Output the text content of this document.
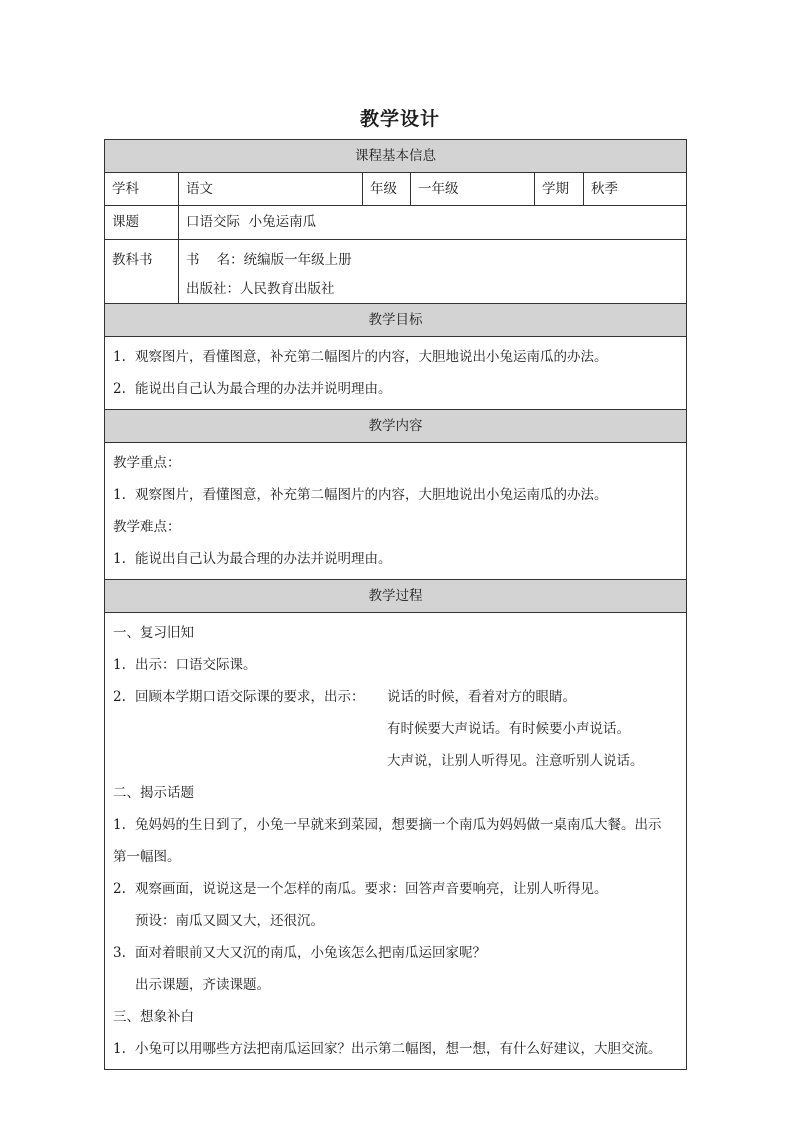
教学设计
课程基本信息
学科	语文	年级	一年级	学期	秋季
课题	口语交际  小兔运南瓜
教科书	书    名：统编版一年级上册
出版社：人民教育出版社
教学目标
1. 观察图片，看懂图意，补充第二幅图片的内容，大胆地说出小兔运南瓜的办法。
2. 能说出自己认为最合理的办法并说明理由。
教学内容
教学重点：
1. 观察图片，看懂图意，补充第二幅图片的内容，大胆地说出小兔运南瓜的办法。
教学难点：
1. 能说出自己认为最合理的办法并说明理由。
教学过程
一、复习旧知
1. 出示：口语交际课。
2. 回顾本学期口语交际课的要求，出示： 说话的时候，看着对方的眼睛。
有时候要大声说话。有时候要小声说话。
大声说，让别人听得见。注意听别人说话。
二、揭示话题
1. 兔妈妈的生日到了，小兔一早就来到菜园，想要摘一个南瓜为妈妈做一桌南瓜大餐。出示
第一幅图。
2. 观察画面，说说这是一个怎样的南瓜。要求：回答声音要响亮，让别人听得见。
预设：南瓜又圆又大，还很沉。
3. 面对着眼前又大又沉的南瓜，小兔该怎么把南瓜运回家呢？
出示课题，齐读课题。
三、想象补白
1. 小兔可以用哪些方法把南瓜运回家？出示第二幅图，想一想，有什么好建议，大胆交流。
